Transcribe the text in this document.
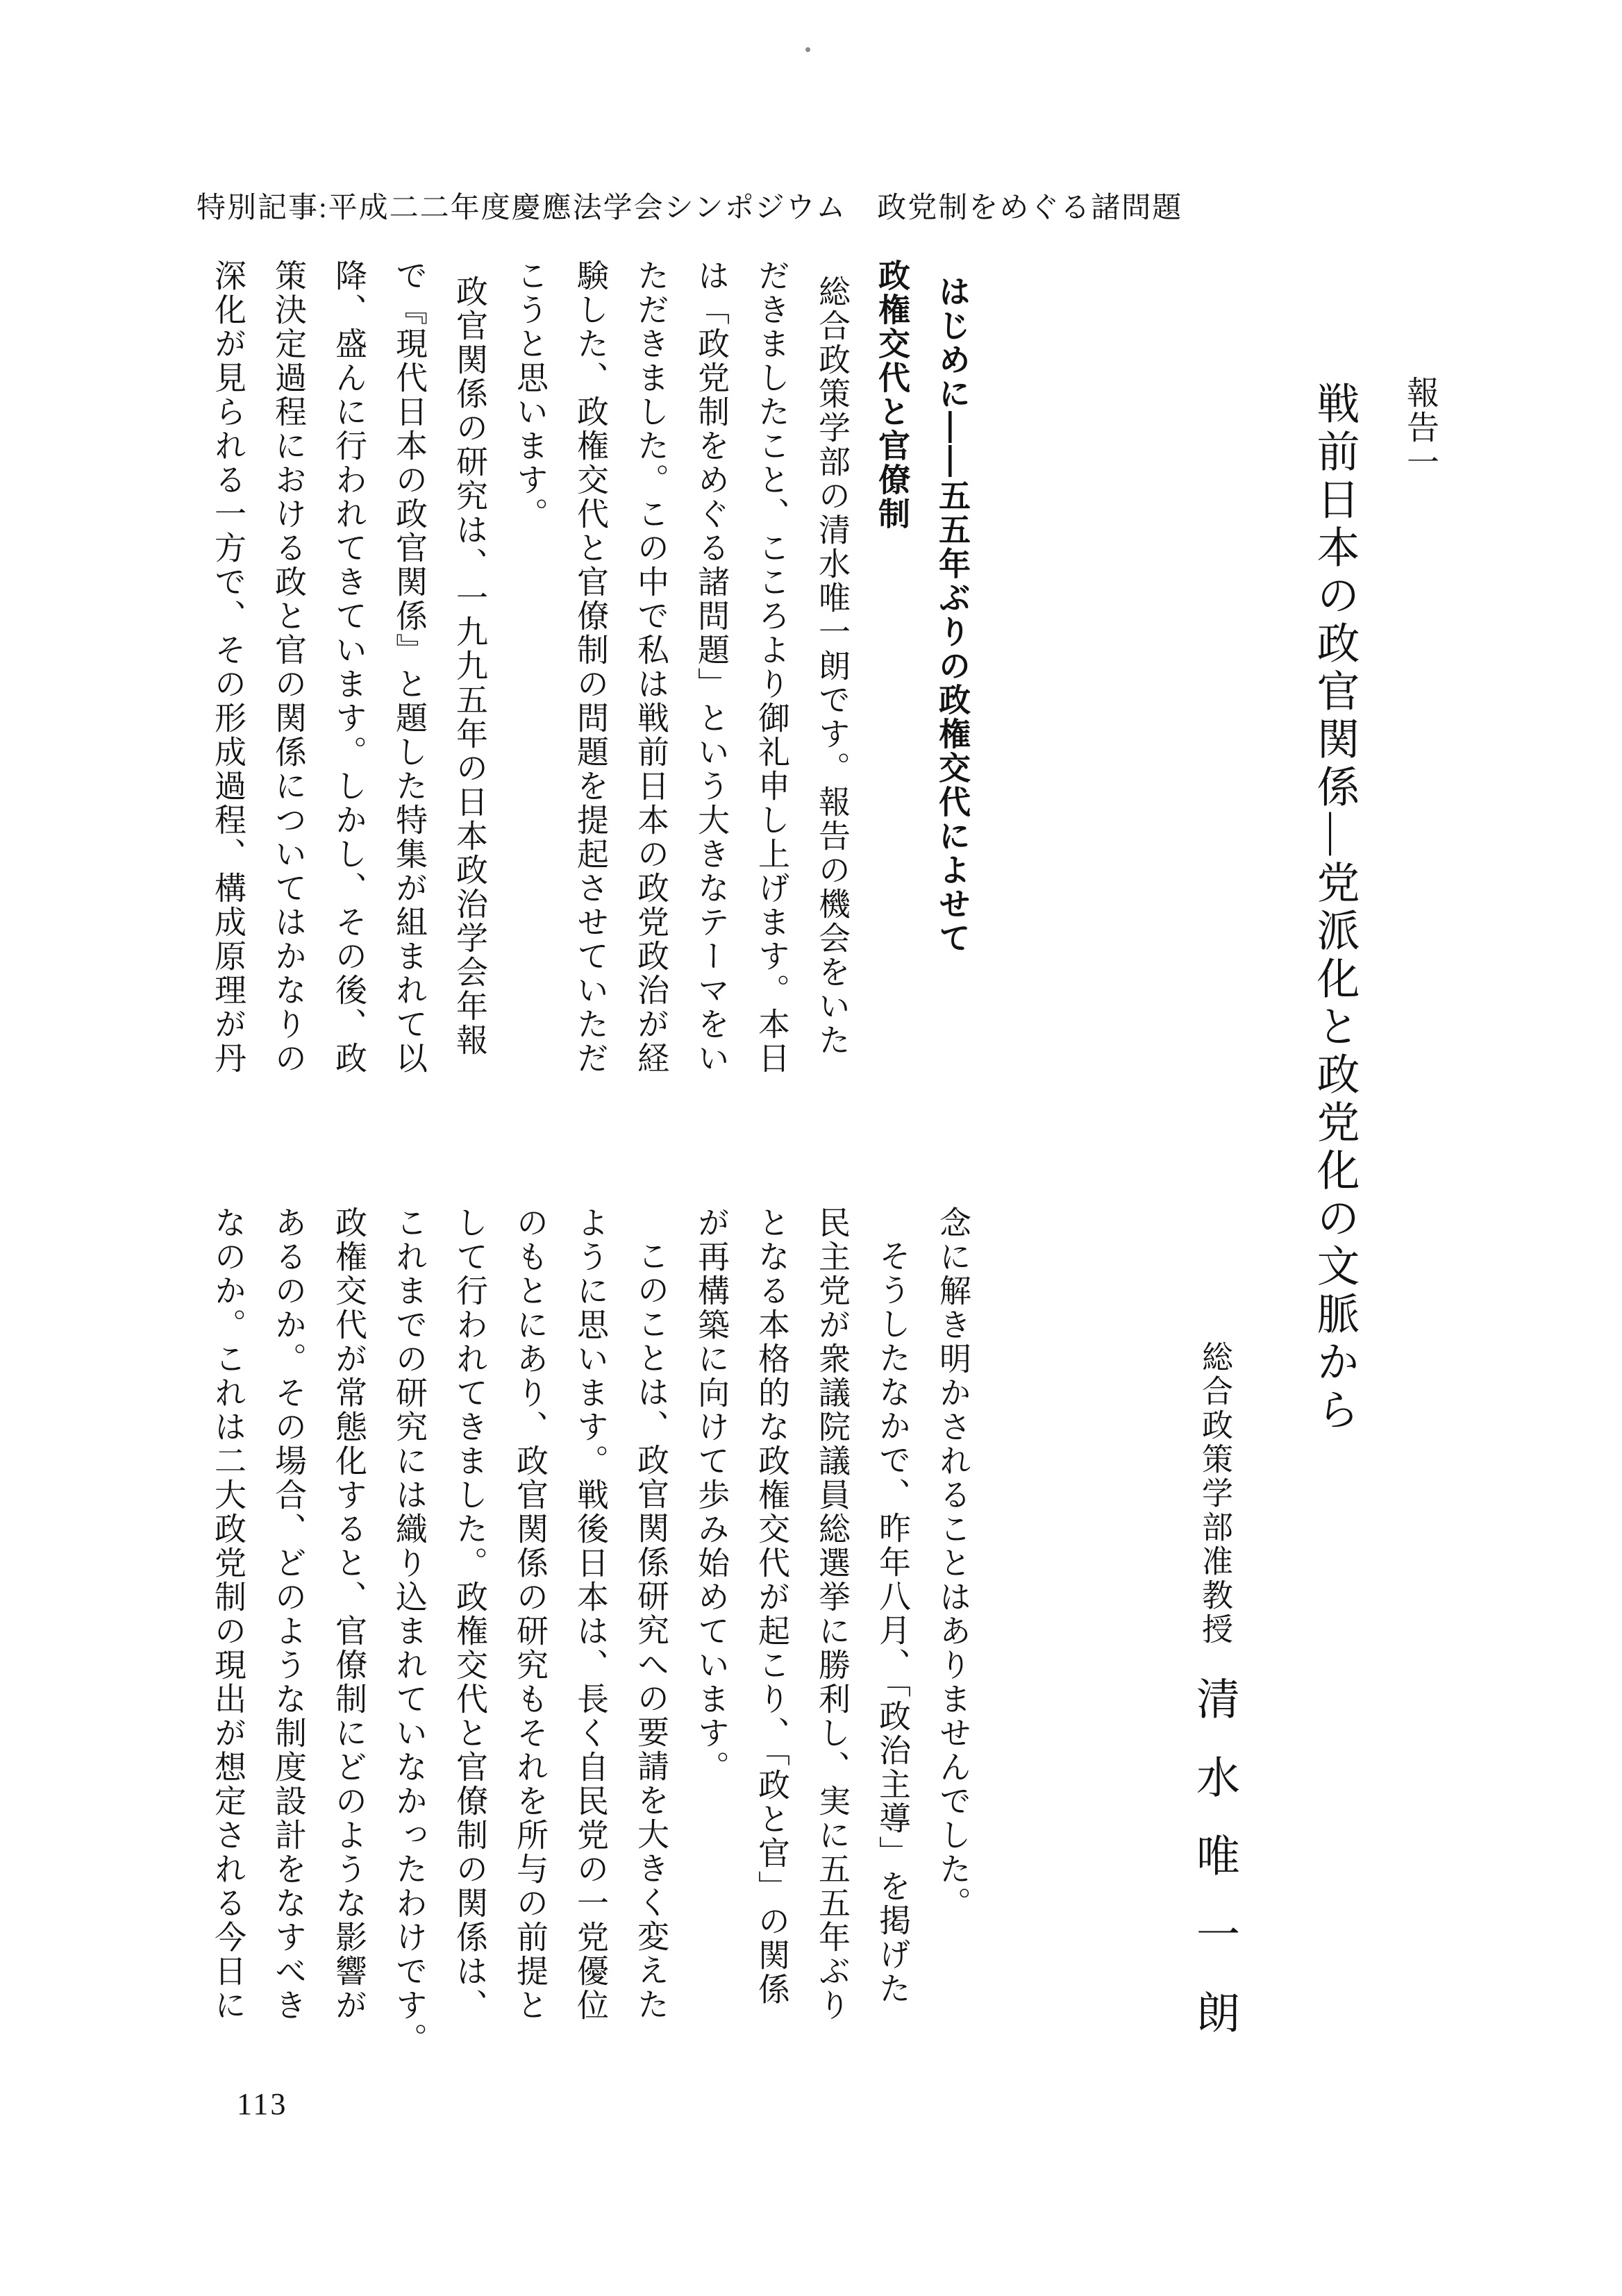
特別記事:平成二二年度慶應法学会シンポジウム　政党制をめぐる諸問題
報告一
戦前日本の政官関係―党派化と政党化の文脈から
総合政策学部准教授
清水唯一朗
はじめに――五五年ぶりの政権交代によせて
政権交代と官僚制
総合政策学部の清水唯一朗です。報告の機会をいた
だきましたこと、こころより御礼申し上げます。本日
は「政党制をめぐる諸問題」という大きなテーマをい
ただきました。この中で私は戦前日本の政党政治が経
験した、政権交代と官僚制の問題を提起させていただ
こうと思います。
政官関係の研究は、一九九五年の日本政治学会年報
で『現代日本の政官関係』と題した特集が組まれて以
降、盛んに行われてきています。しかし、その後、政
策決定過程における政と官の関係についてはかなりの
深化が見られる一方で、その形成過程、構成原理が丹
念に解き明かされることはありませんでした。
そうしたなかで、昨年八月、「政治主導」を掲げた
民主党が衆議院議員総選挙に勝利し、実に五五年ぶり
となる本格的な政権交代が起こり、「政と官」の関係
が再構築に向けて歩み始めています。
このことは、政官関係研究への要請を大きく変えた
ように思います。戦後日本は、長く自民党の一党優位
のもとにあり、政官関係の研究もそれを所与の前提と
して行われてきました。政権交代と官僚制の関係は、
これまでの研究には織り込まれていなかったわけです。
政権交代が常態化すると、官僚制にどのような影響が
あるのか。その場合、どのような制度設計をなすべき
なのか。これは二大政党制の現出が想定される今日に
113
